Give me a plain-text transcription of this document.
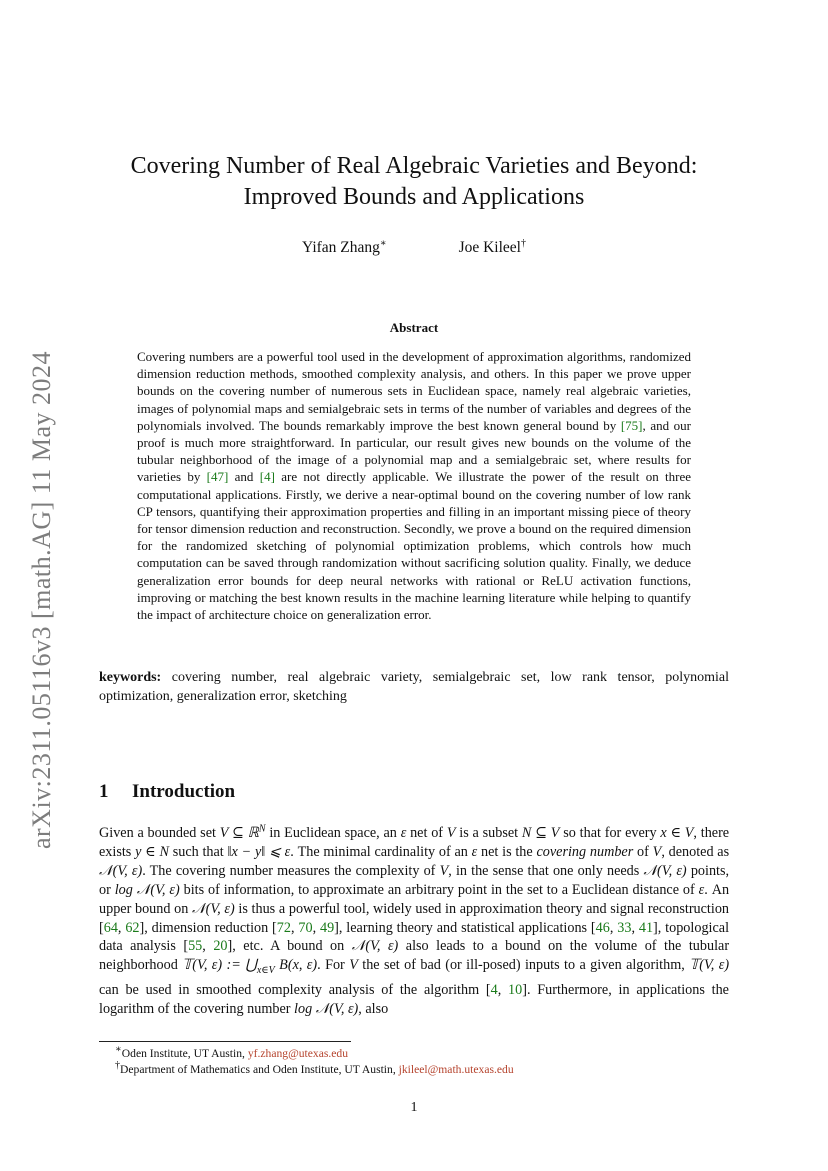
arXiv:2311.05116v3 [math.AG] 11 May 2024
Covering Number of Real Algebraic Varieties and Beyond: Improved Bounds and Applications
Yifan Zhang∗	Joe Kileel†
Abstract

Covering numbers are a powerful tool used in the development of approximation algorithms, randomized dimension reduction methods, smoothed complexity analysis, and others. In this paper we prove upper bounds on the covering number of numerous sets in Euclidean space, namely real algebraic varieties, images of polynomial maps and semialgebraic sets in terms of the number of variables and degrees of the polynomials involved. The bounds remarkably improve the best known general bound by [75], and our proof is much more straightforward. In particular, our result gives new bounds on the volume of the tubular neighborhood of the image of a polynomial map and a semialgebraic set, where results for varieties by [47] and [4] are not directly applicable. We illustrate the power of the result on three computational applications. Firstly, we derive a near-optimal bound on the covering number of low rank CP tensors, quantifying their approximation properties and filling in an important missing piece of theory for tensor dimension reduction and reconstruction. Secondly, we prove a bound on the required dimension for the randomized sketching of polynomial optimization problems, which controls how much computation can be saved through randomization without sacrificing solution quality. Finally, we deduce generalization error bounds for deep neural networks with rational or ReLU activation functions, improving or matching the best known results in the machine learning literature while helping to quantify the impact of architecture choice on generalization error.

keywords: covering number, real algebraic variety, semialgebraic set, low rank tensor, polynomial optimization, generalization error, sketching

1 Introduction

Given a bounded set V ⊆ ℝ$^N$ in Euclidean space, an ε net of V is a subset N ⊆ V so that for every x ∈ V, there exists y ∈ N such that ‖x − y‖ ⩽ ε. The minimal cardinality of an ε net is the covering number of V, denoted as 𝒩(V, ε). The covering number measures the complexity of V, in the sense that one only needs 𝒩(V, ε) points, or log 𝒩(V, ε) bits of information, to approximate an arbitrary point in the set to a Euclidean distance of ε. An upper bound on 𝒩(V, ε) is thus a powerful tool, widely used in approximation theory and signal reconstruction [64, 62], dimension reduction [72, 70, 49], learning theory and statistical applications [46, 33, 41], topological data analysis [55, 20], etc. A bound on 𝒩(V, ε) also leads to a bound on the volume of the tubular neighborhood 𝕋(V, ε) := $⋃_{x\in V}$ B(x, ε). For V the set of bad (or ill-posed) inputs to a given algorithm, 𝕋(V, ε) can be used in smoothed complexity analysis of the algorithm [4, 10]. Furthermore, in applications the logarithm of the covering number log 𝒩(V, ε), also

∗Oden Institute, UT Austin, yf.zhang@utexas.edu
†Department of Mathematics and Oden Institute, UT Austin, jkileel@math.utexas.edu
1
